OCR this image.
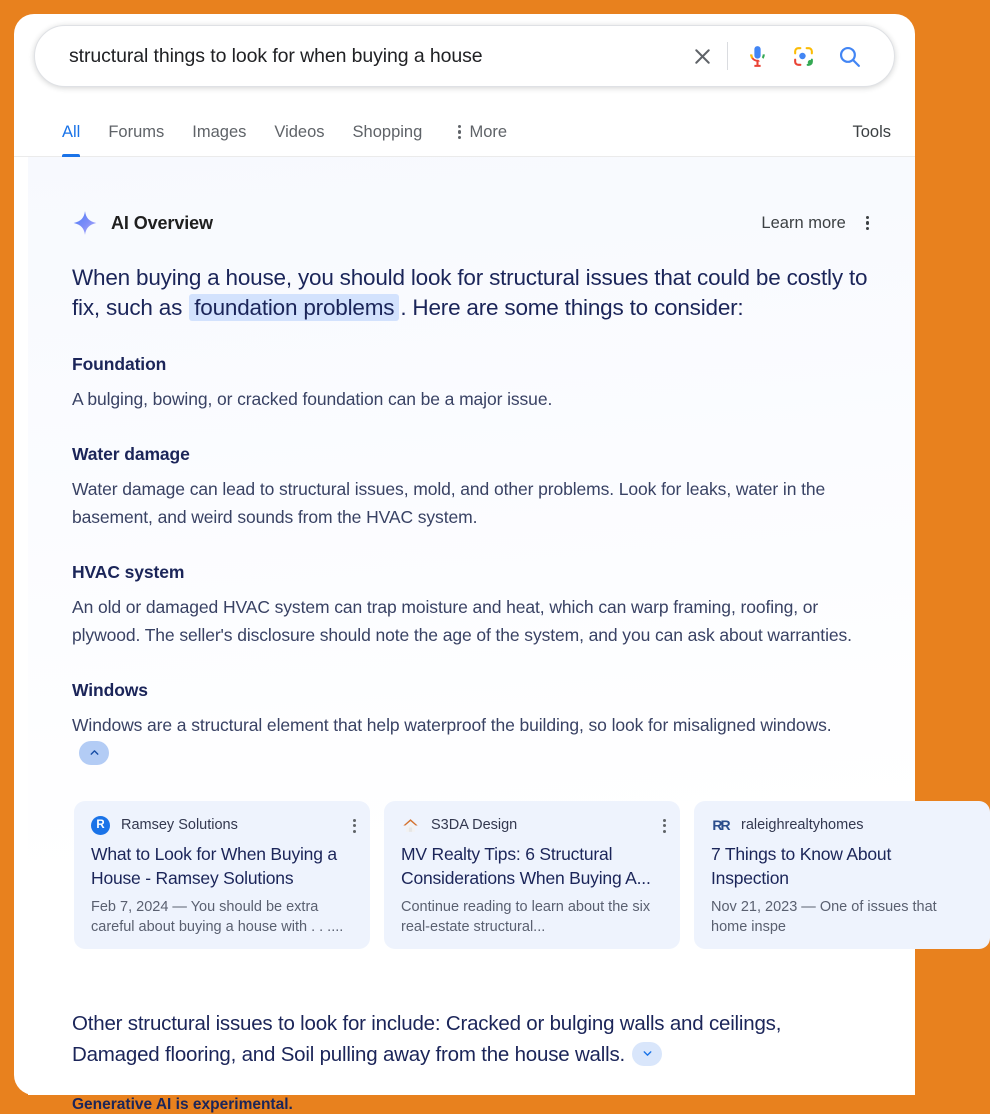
structural things to look for when buying a house
All Forums Images Videos Shopping	More	Tools
AI Overview	Learn more
When buying a house, you should look for structural issues that could be costly to fix, such as foundation problems . Here are some things to consider:
Foundation
A bulging, bowing, or cracked foundation can be a major issue.
Water damage
Water damage can lead to structural issues, mold, and other problems. Look for leaks, water in the basement, and weird sounds from the HVAC system.
HVAC system
An old or damaged HVAC system can trap moisture and heat, which can warp framing, roofing, or plywood. The seller's disclosure should note the age of the system, and you can ask about warranties.
Windows
Windows are a structural element that help waterproof the building, so look for misaligned windows.
R	Ramsey Solutions
What to Look for When Buying a House - Ramsey Solutions
Feb 7, 2024 — You should be extra careful about buying a house with . . ....
S3DA Design
MV Realty Tips: 6 Structural Considerations When Buying A...
Continue reading to learn about the six real-estate structural...
RR raleighrealtyhomes
7 Things to Know About Inspection
Nov 21, 2023 — One of issues that home inspe
Other structural issues to look for include: Cracked or bulging walls and ceilings, Damaged flooring, and Soil pulling away from the house walls.
Generative AI is experimental.
